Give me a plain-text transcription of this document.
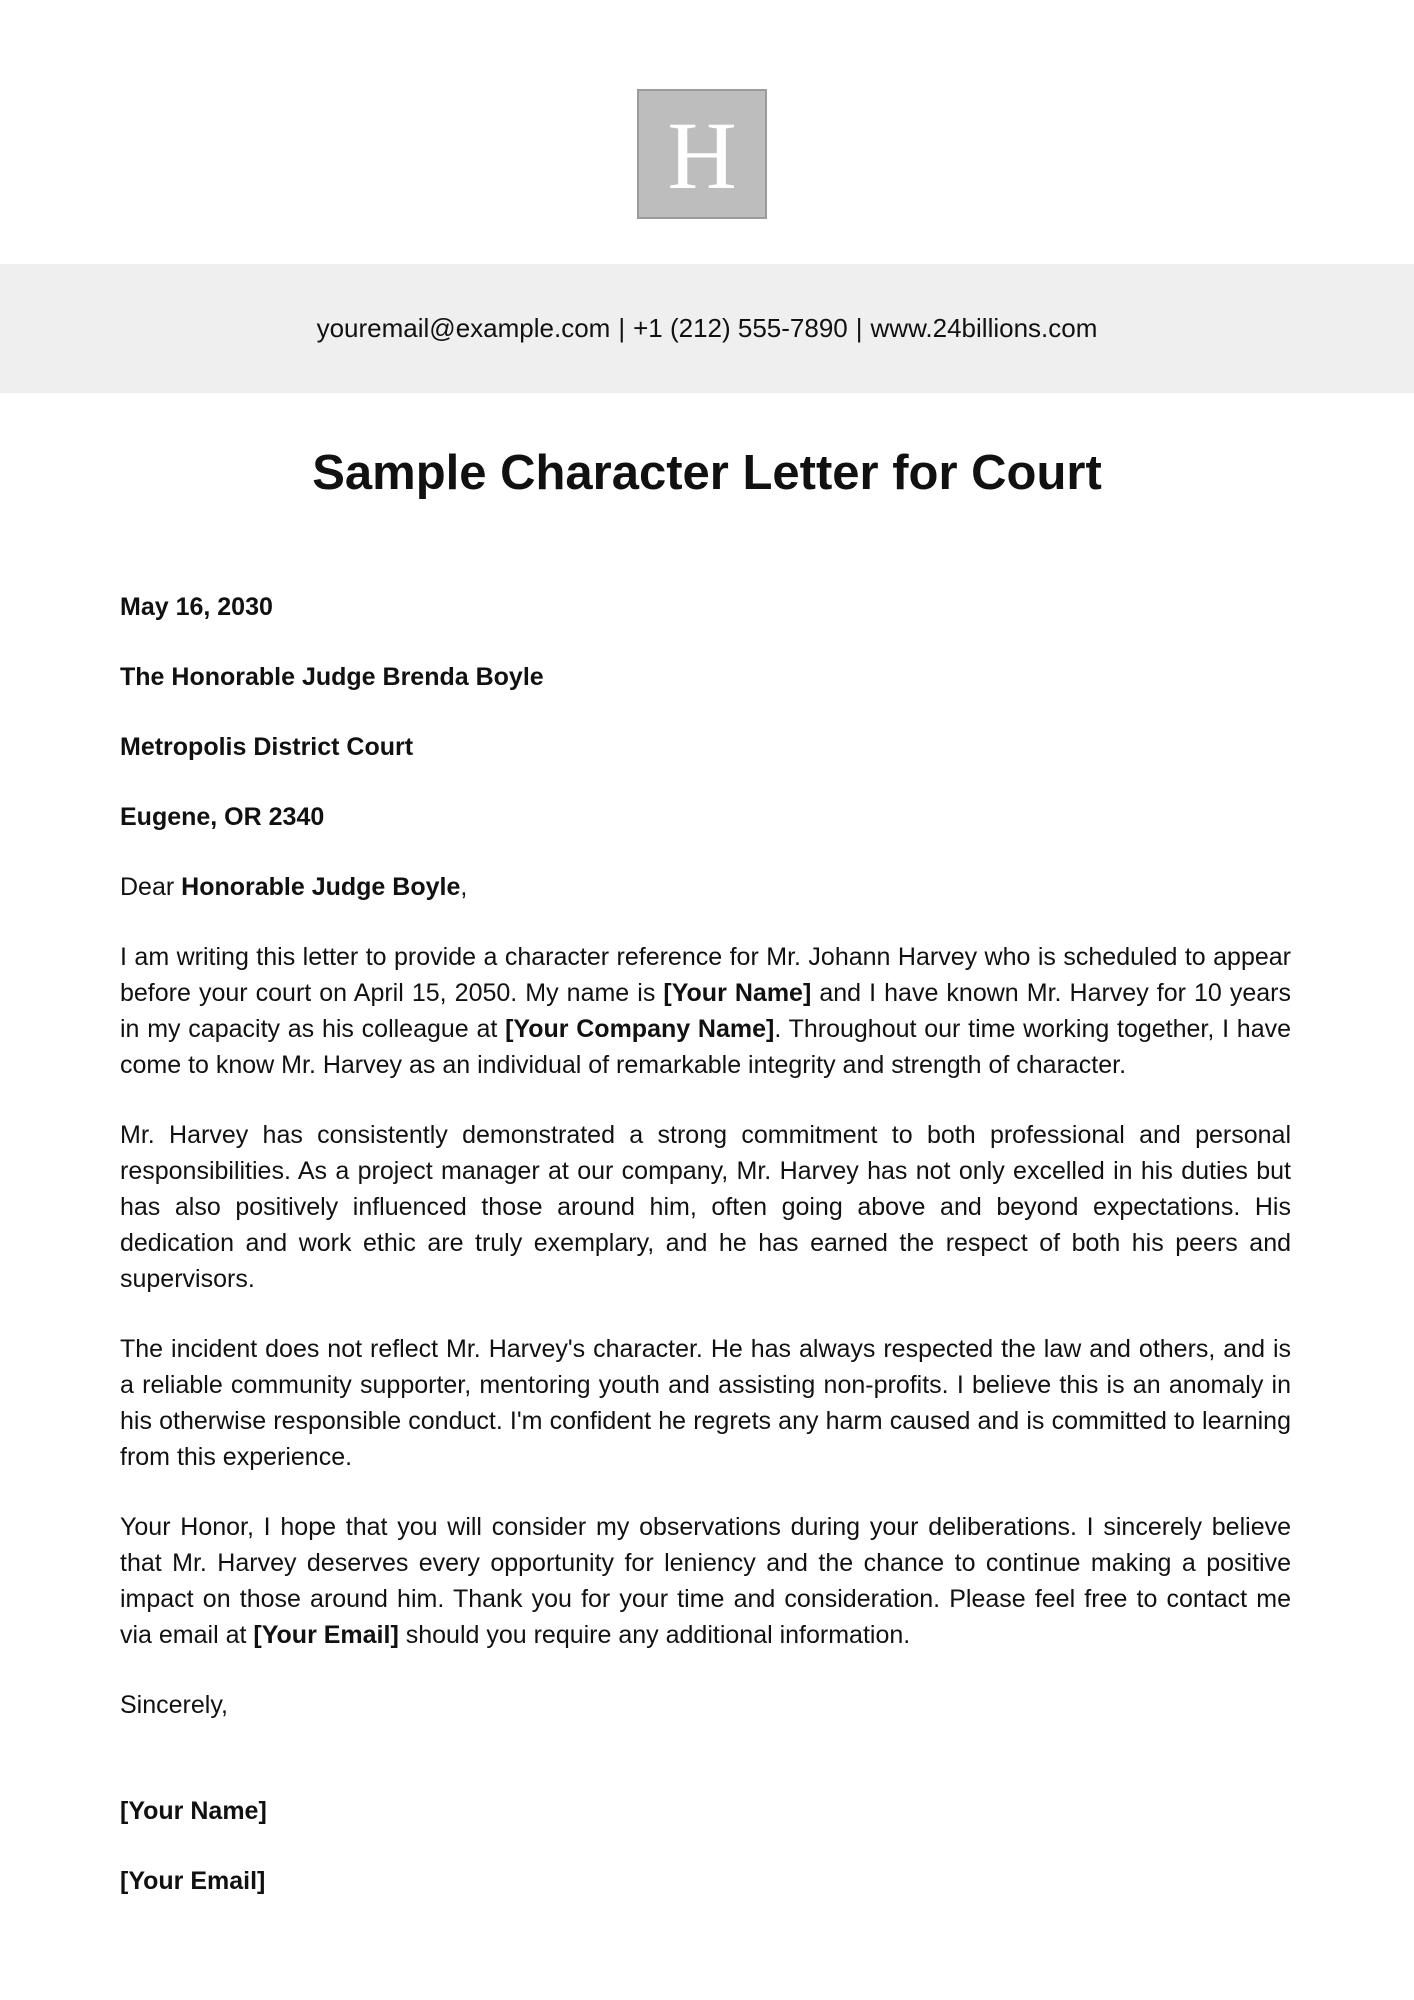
H
youremail@example.com | +1 (212) 555-7890 | www.24billions.com
Sample Character Letter for Court

May 16, 2030

The Honorable Judge Brenda Boyle

Metropolis District Court

Eugene, OR 2340

Dear Honorable Judge Boyle,

I am writing this letter to provide a character reference for Mr. Johann Harvey who is scheduled to appear before your court on April 15, 2050. My name is [Your Name] and I have known Mr. Harvey for 10 years in my capacity as his colleague at [Your Company Name]. Throughout our time working together, I have come to know Mr. Harvey as an individual of remarkable integrity and strength of character.

Mr. Harvey has consistently demonstrated a strong commitment to both professional and personal responsibilities. As a project manager at our company, Mr. Harvey has not only excelled in his duties but has also positively influenced those around him, often going above and beyond expectations. His dedication and work ethic are truly exemplary, and he has earned the respect of both his peers and supervisors.

The incident does not reflect Mr. Harvey's character. He has always respected the law and others, and is a reliable community supporter, mentoring youth and assisting non-profits. I believe this is an anomaly in his otherwise responsible conduct. I'm confident he regrets any harm caused and is committed to learning from this experience.

Your Honor, I hope that you will consider my observations during your deliberations. I sincerely believe that Mr. Harvey deserves every opportunity for leniency and the chance to continue making a positive impact on those around him. Thank you for your time and consideration. Please feel free to contact me via email at [Your Email] should you require any additional information.

Sincerely,

[Your Name]

[Your Email]
